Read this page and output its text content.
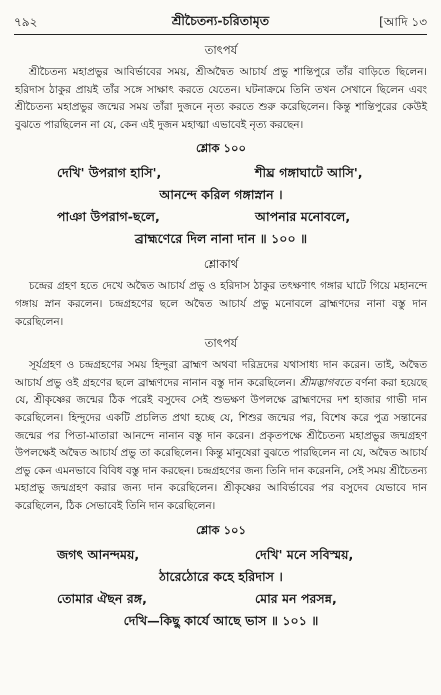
৭৯২	শ্রীচৈতন্য-চরিতামৃত	[আদি ১৩
তাৎপর্য

শ্রীচৈতন্য মহাপ্রভুর আবির্ভাবের সময়, শ্রীঅদ্বৈত আচার্য প্রভু শান্তিপুরে তাঁর বাড়িতে ছিলেন। হরিদাস ঠাকুর প্রায়ই তাঁর সঙ্গে সাক্ষাৎ করতে যেতেন। ঘটনাক্রমে তিনি তখন সেখানে ছিলেন এবং শ্রীচৈতন্য মহাপ্রভুর জন্মের সময় তাঁরা দুজনে নৃত্য করতে শুরু করেছিলেন। কিন্তু শান্তিপুরের কেউই বুঝতে পারছিলেন না যে, কেন এই দুজন মহাত্মা এভাবেই নৃত্য করছেন।

শ্লোক ১০০
দেখি' উপরাগ হাসি',	শীঘ্র গঙ্গাঘাটে আসি',
আনন্দে করিল গঙ্গাস্নান ।
পাঞা উপরাগ-ছলে,	আপনার মনোবলে,
ব্রাহ্মণেরে দিল নানা দান ॥ ১০০ ॥
শ্লোকার্থ

চন্দ্রের গ্রহণ হতে দেখে অদ্বৈত আচার্য প্রভু ও হরিদাস ঠাকুর তৎক্ষণাৎ গঙ্গার ঘাটে গিয়ে মহানন্দে গঙ্গায় স্নান করলেন। চন্দ্রগ্রহণের ছলে অদ্বৈত আচার্য প্রভু মনোবলে ব্রাহ্মণদের নানা বস্তু দান করেছিলেন।

তাৎপর্য

সূর্যগ্রহণ ও চন্দ্রগ্রহণের সময় হিন্দুরা ব্রাহ্মণ অথবা দরিদ্রদের যথাসাধ্য দান করেন। তাই, অদ্বৈত আচার্য প্রভু ওই গ্রহণের ছলে ব্রাহ্মণদের নানান বস্তু দান করেছিলেন। শ্রীমদ্ভাগবতে বর্ণনা করা হয়েছে যে, শ্রীকৃষ্ণের জন্মের ঠিক পরেই বসুদেব সেই শুভক্ষণ উপলক্ষে ব্রাহ্মণদের দশ হাজার গাভী দান করেছিলেন। হিন্দুদের একটি প্রচলিত প্রথা হচ্ছে যে, শিশুর জন্মের পর, বিশেষ করে পুত্র সন্তানের জন্মের পর পিতা-মাতারা আনন্দে নানান বস্তু দান করেন। প্রকৃতপক্ষে শ্রীচৈতন্য মহাপ্রভুর জন্মগ্রহণ উপলক্ষেই অদ্বৈত আচার্য প্রভু তা করেছিলেন। কিন্তু মানুষেরা বুঝতে পারছিলেন না যে, অদ্বৈত আচার্য প্রভু কেন এমনভাবে বিবিধ বস্তু দান করছেন। চন্দ্রগ্রহণের জন্য তিনি দান করেননি, সেই সময় শ্রীচৈতন্য মহাপ্রভু জন্মগ্রহণ করার জন্য দান করেছিলেন। শ্রীকৃষ্ণের আবির্ভাবের পর বসুদেব যেভাবে দান করেছিলেন, ঠিক সেভাবেই তিনি দান করেছিলেন।

শ্লোক ১০১
জগৎ আনন্দময়,	দেখি' মনে সবিস্ময়,
ঠারেঠোরে কহে হরিদাস ।
তোমার ঐছন রঙ্গ,	মোর মন পরসন্ন,
দেখি—কিছু কার্যে আছে ভাস ॥ ১০১ ॥
